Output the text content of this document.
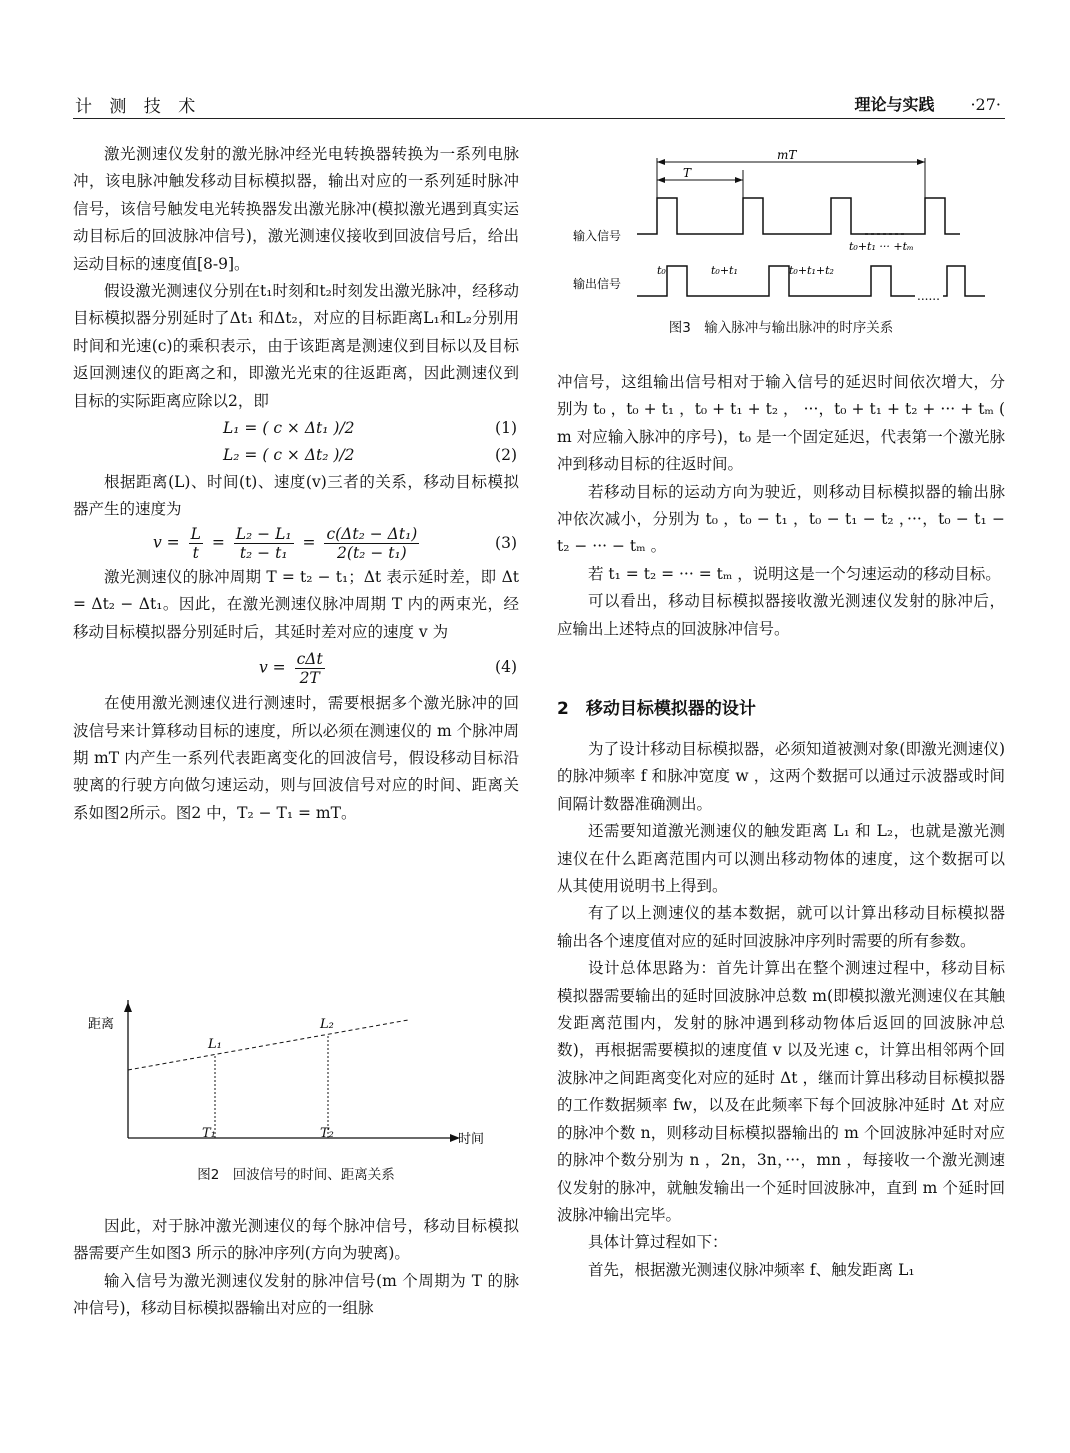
计 测 技 术	理论与实践 ·27·

激光测速仪发射的激光脉冲经光电转换器转换为一系列电脉冲，该电脉冲触发移动目标模拟器，输出对应的一系列延时脉冲信号，该信号触发电光转换器发出激光脉冲(模拟激光遇到真实运动目标后的回波脉冲信号)，激光测速仪接收到回波信号后，给出运动目标的速度值[8-9]。

假设激光测速仪分别在t₁时刻和t₂时刻发出激光脉冲，经移动目标模拟器分别延时了Δt₁ 和Δt₂，对应的目标距离L₁和L₂分别用时间和光速(c)的乘积表示，由于该距离是测速仪到目标以及目标返回测速仪的距离之和，即激光光束的往返距离，因此测速仪到目标的实际距离应除以2，即

L₁ = ( c × Δt₁ )/2	(1)
L₂ = ( c × Δt₂ )/2	(2)

根据距离(L)、时间(t)、速度(v)三者的关系，移动目标模拟器产生的速度为

$v = \frac{L}{t} = \frac{\text{L₂ − L₁}}{\text{t₂ − t₁}} = \frac{\text{c(Δt₂ − Δt₁)}}{\text{2(t₂ − t₁)}}$	(3)

激光测速仪的脉冲周期 T = t₂ − t₁；Δt 表示延时差，即 Δt = Δt₂ − Δt₁。因此，在激光测速仪脉冲周期 T 内的两束光，经移动目标模拟器分别延时后，其延时差对应的速度 v 为

$v = \frac{\text{cΔt}}{2T}$	(4)

在使用激光测速仪进行测速时，需要根据多个激光脉冲的回波信号来计算移动目标的速度，所以必须在测速仪的 m 个脉冲周期 mT 内产生一系列代表距离变化的回波信号，假设移动目标沿驶离的行驶方向做匀速运动，则与回波信号对应的时间、距离关系如图2所示。图2 中，T₂ − T₁ = mT。

距离
时间
L₁
L₂
T₁	T₂
图2　回波信号的时间、距离关系

因此，对于脉冲激光测速仪的每个脉冲信号，移动目标模拟器需要产生如图3 所示的脉冲序列(方向为驶离)。

输入信号为激光测速仪发射的脉冲信号(m 个周期为 T 的脉冲信号)，移动目标模拟器输出对应的一组脉

mT
T
输入信号
输出信号
......
t₀	t₀+t₁	t₀+t₁+t₂
t₀+t₁ ··· +tₘ
图3　输入脉冲与输出脉冲的时序关系

冲信号，这组输出信号相对于输入信号的延迟时间依次增大，分别为 t₀ ，t₀ + t₁ ，t₀ + t₁ + t₂ ， ···，t₀ + t₁ + t₂ + ··· + tₘ ( m 对应输入脉冲的序号)，t₀ 是一个固定延迟，代表第一个激光脉冲到移动目标的往返时间。

若移动目标的运动方向为驶近，则移动目标模拟器的输出脉冲依次减小，分别为 t₀ ，t₀ − t₁ ，t₀ − t₁ − t₂ ，···，t₀ − t₁ − t₂ − ··· − tₘ 。

若 t₁ = t₂ = ··· = tₘ ，说明这是一个匀速运动的移动目标。

可以看出，移动目标模拟器接收激光测速仪发射的脉冲后，应输出上述特点的回波脉冲信号。

2　移动目标模拟器的设计

为了设计移动目标模拟器，必须知道被测对象(即激光测速仪)的脉冲频率 f 和脉冲宽度 w ，这两个数据可以通过示波器或时间间隔计数器准确测出。

还需要知道激光测速仪的触发距离 L₁ 和 L₂，也就是激光测速仪在什么距离范围内可以测出移动物体的速度，这个数据可以从其使用说明书上得到。

有了以上测速仪的基本数据，就可以计算出移动目标模拟器输出各个速度值对应的延时回波脉冲序列时需要的所有参数。

设计总体思路为：首先计算出在整个测速过程中，移动目标模拟器需要输出的延时回波脉冲总数 m(即模拟激光测速仪在其触发距离范围内，发射的脉冲遇到移动物体后返回的回波脉冲总数)，再根据需要模拟的速度值 v 以及光速 c，计算出相邻两个回波脉冲之间距离变化对应的延时 Δt ，继而计算出移动目标模拟器的工作数据频率 fw，以及在此频率下每个回波脉冲延时 Δt 对应的脉冲个数 n，则移动目标模拟器输出的 m 个回波脉冲延时对应的脉冲个数分别为 n ，2n，3n，···，mn ，每接收一个激光测速仪发射的脉冲，就触发输出一个延时回波脉冲，直到 m 个延时回波脉冲输出完毕。

具体计算过程如下：

首先，根据激光测速仪脉冲频率 f、触发距离 L₁
